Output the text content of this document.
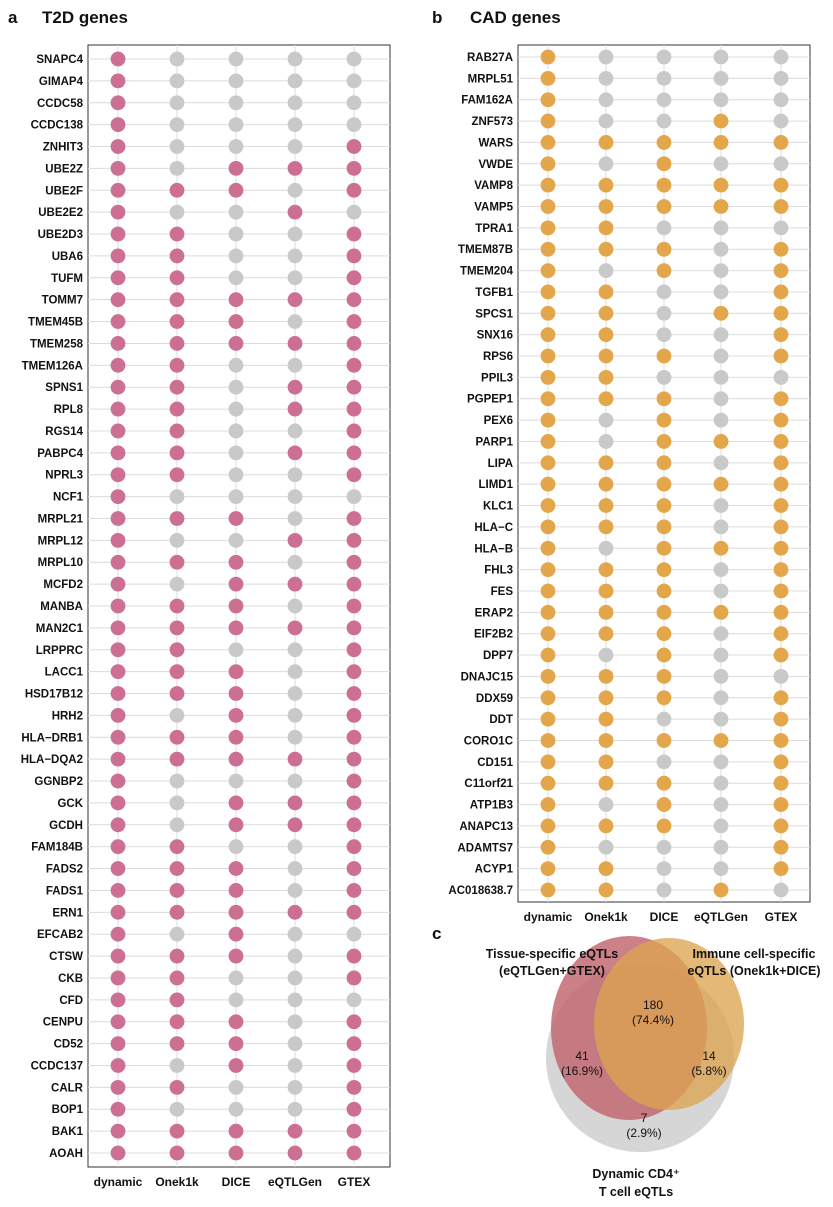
a T2D genes	b CAD genes
c
SNAPC4
GIMAP4
CCDC58
CCDC138
ZNHIT3
UBE2Z
UBE2F
UBE2E2
UBE2D3
UBA6
TUFM
TOMM7
TMEM45B
TMEM258
TMEM126A
SPNS1
RPL8
RGS14
PABPC4
NPRL3
NCF1
MRPL21
MRPL12
MRPL10
MCFD2
MANBA
MAN2C1
LRPPRC
LACC1
HSD17B12
HRH2
HLA−DRB1
HLA−DQA2
GGNBP2
GCK
GCDH
FAM184B
FADS2
FADS1
ERN1
EFCAB2
CTSW
CKB
CFD
CENPU
CD52
CCDC137
CALR
BOP1
BAK1
AOAH
dynamic Onek1k DICE eQTLGen GTEX
RAB27A
MRPL51
FAM162A
ZNF573
WARS
VWDE
VAMP8
VAMP5
TPRA1
TMEM87B
TMEM204
TGFB1
SPCS1
SNX16
RPS6
PPIL3
PGPEP1
PEX6
PARP1
LIPA
LIMD1
KLC1
HLA−C
HLA−B
FHL3
FES
ERAP2
EIF2B2
DPP7
DNAJC15
DDX59
DDT
CORO1C
CD151
C11orf21
ATP1B3
ANAPC13
ADAMTS7
ACYP1
AC018638.7
dynamic Onek1k DICE eQTLGen GTEX
180
(74.4%)
41
(16.9%)
14
(5.8%)
7
(2.9%)
Tissue-specific eQTLs
(eQTLGen+GTEX)
Immune cell-specific
eQTLs (Onek1k+DICE)
Dynamic CD4⁺
T cell eQTLs
